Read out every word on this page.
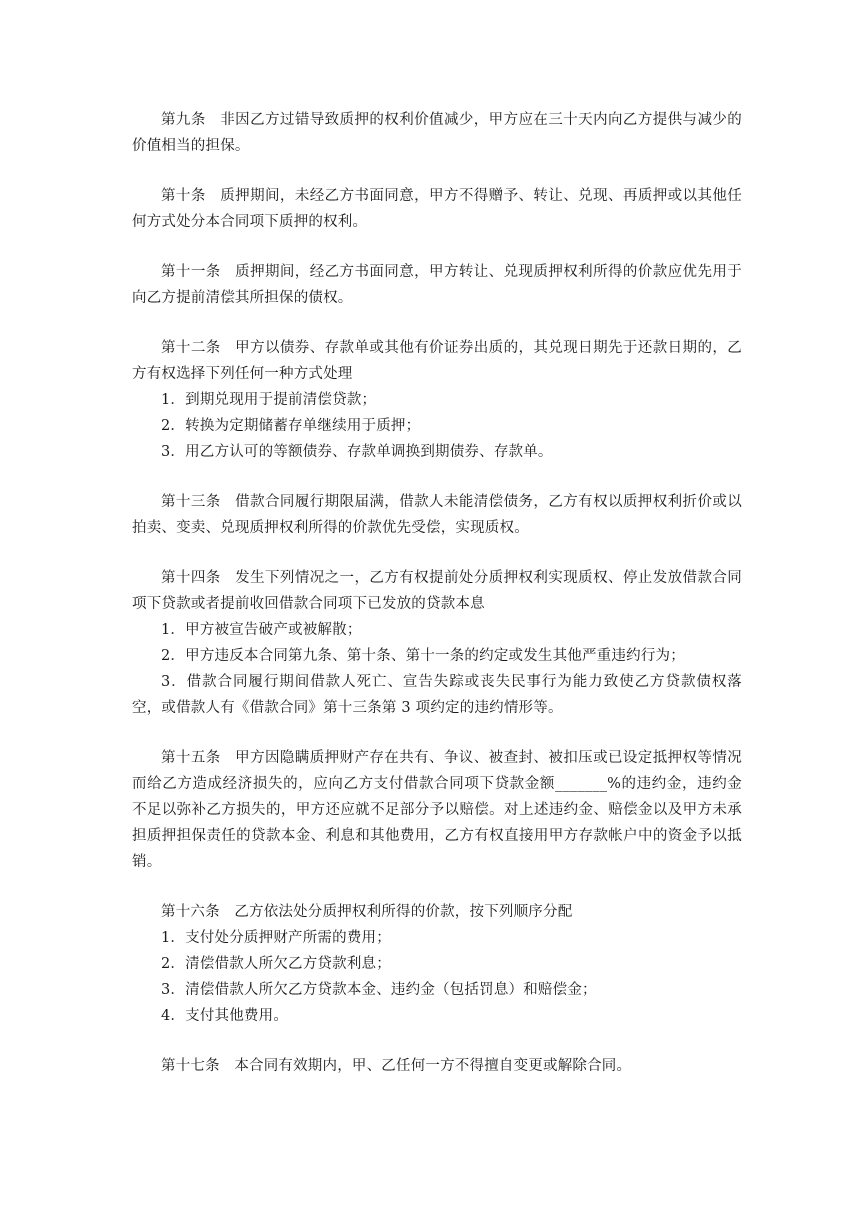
第九条 非因乙方过错导致质押的权利价值减少，甲方应在三十天内向乙方提供与减少的价值相当的担保。

第十条 质押期间，未经乙方书面同意，甲方不得赠予、转让、兑现、再质押或以其他任何方式处分本合同项下质押的权利。

第十一条 质押期间，经乙方书面同意，甲方转让、兑现质押权利所得的价款应优先用于向乙方提前清偿其所担保的债权。

第十二条 甲方以债券、存款单或其他有价证券出质的，其兑现日期先于还款日期的，乙方有权选择下列任何一种方式处理

1．到期兑现用于提前清偿贷款；

2．转换为定期储蓄存单继续用于质押；

3．用乙方认可的等额债券、存款单调换到期债券、存款单。

第十三条 借款合同履行期限届满，借款人未能清偿债务，乙方有权以质押权利折价或以拍卖、变卖、兑现质押权利所得的价款优先受偿，实现质权。

第十四条 发生下列情况之一，乙方有权提前处分质押权利实现质权、停止发放借款合同项下贷款或者提前收回借款合同项下已发放的贷款本息

1．甲方被宣告破产或被解散；

2．甲方违反本合同第九条、第十条、第十一条的约定或发生其他严重违约行为；

3．借款合同履行期间借款人死亡、宣告失踪或丧失民事行为能力致使乙方贷款债权落空，或借款人有《借款合同》第十三条第 3 项约定的违约情形等。

第十五条 甲方因隐瞒质押财产存在共有、争议、被查封、被扣压或已设定抵押权等情况而给乙方造成经济损失的，应向乙方支付借款合同项下贷款金额_______%的违约金，违约金不足以弥补乙方损失的，甲方还应就不足部分予以赔偿。对上述违约金、赔偿金以及甲方未承担质押担保责任的贷款本金、利息和其他费用，乙方有权直接用甲方存款帐户中的资金予以抵销。

第十六条 乙方依法处分质押权利所得的价款，按下列顺序分配

1．支付处分质押财产所需的费用；

2．清偿借款人所欠乙方贷款利息；

3．清偿借款人所欠乙方贷款本金、违约金（包括罚息）和赔偿金；

4．支付其他费用。

第十七条 本合同有效期内，甲、乙任何一方不得擅自变更或解除合同。
